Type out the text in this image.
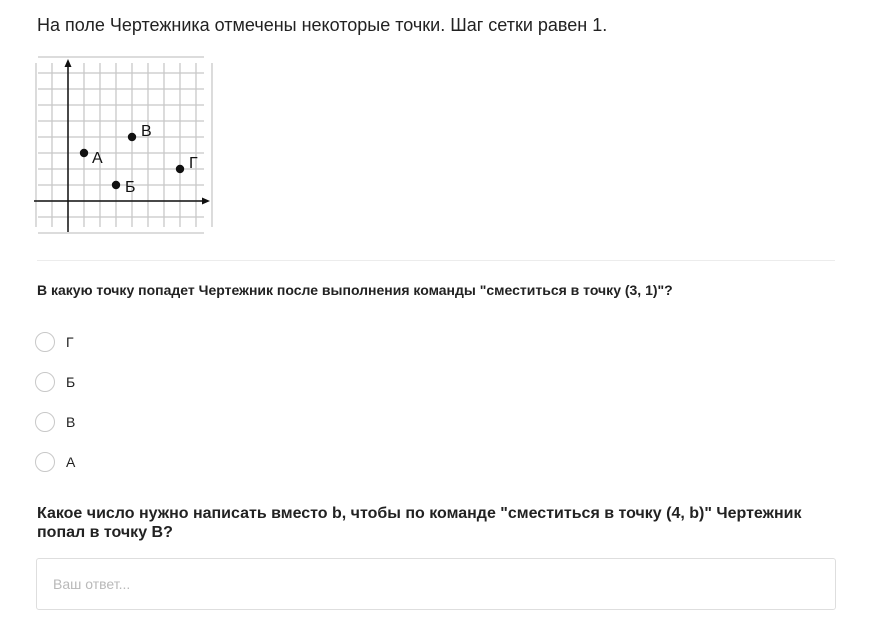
На поле Чертежника отмечены некоторые точки. Шаг сетки равен 1.
А
Б
В
Г
В какую точку попадет Чертежник после выполнения команды "сместиться в точку (3, 1)"?
Г
Б
В
А
Какое число нужно написать вместо b, чтобы по команде "сместиться в точку (4, b)" Чертежник попал в точку В?
Ваш ответ...
